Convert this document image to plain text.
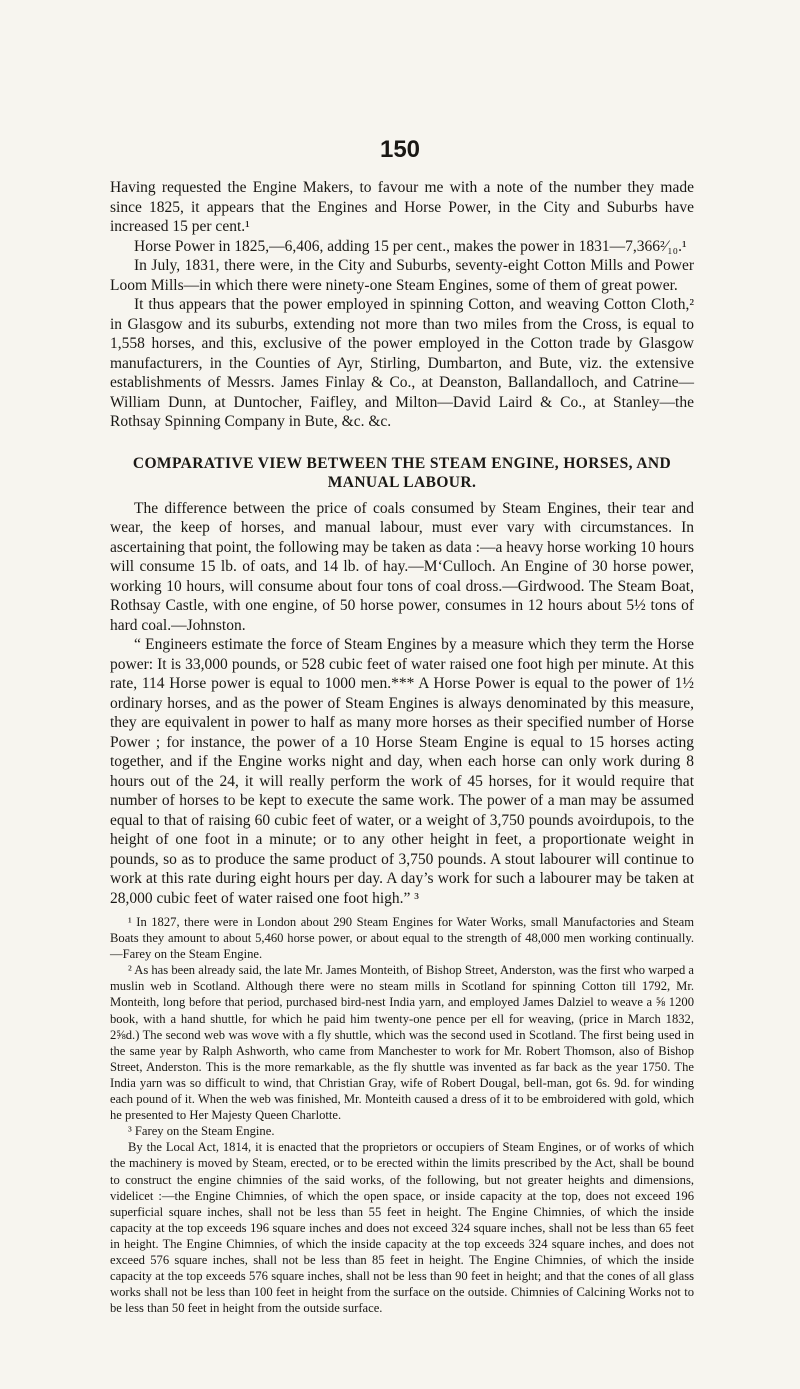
150

Having requested the Engine Makers, to favour me with a note of the number they made since 1825, it appears that the Engines and Horse Power, in the City and Suburbs have increased 15 per cent.¹

Horse Power in 1825,—6,406, adding 15 per cent., makes the power in 1831—7,366²⁄₁₀.¹

In July, 1831, there were, in the City and Suburbs, seventy-eight Cotton Mills and Power Loom Mills—in which there were ninety-one Steam Engines, some of them of great power.

It thus appears that the power employed in spinning Cotton, and weaving Cotton Cloth,² in Glasgow and its suburbs, extending not more than two miles from the Cross, is equal to 1,558 horses, and this, exclusive of the power employed in the Cotton trade by Glasgow manufacturers, in the Counties of Ayr, Stirling, Dumbarton, and Bute, viz. the extensive establishments of Messrs. James Finlay & Co., at Deanston, Ballandalloch, and Catrine—William Dunn, at Duntocher, Faifley, and Milton—David Laird & Co., at Stanley—the Rothsay Spinning Company in Bute, &c. &c.

COMPARATIVE VIEW BETWEEN THE STEAM ENGINE, HORSES, AND MANUAL LABOUR.

The difference between the price of coals consumed by Steam Engines, their tear and wear, the keep of horses, and manual labour, must ever vary with circumstances. In ascertaining that point, the following may be taken as data :—a heavy horse working 10 hours will consume 15 lb. of oats, and 14 lb. of hay.—M‘Culloch. An Engine of 30 horse power, working 10 hours, will consume about four tons of coal dross.—Girdwood. The Steam Boat, Rothsay Castle, with one engine, of 50 horse power, consumes in 12 hours about 5½ tons of hard coal.—Johnston.

“ Engineers estimate the force of Steam Engines by a measure which they term the Horse power: It is 33,000 pounds, or 528 cubic feet of water raised one foot high per minute. At this rate, 114 Horse power is equal to 1000 men.*** A Horse Power is equal to the power of 1½ ordinary horses, and as the power of Steam Engines is always denominated by this measure, they are equivalent in power to half as many more horses as their specified number of Horse Power ; for instance, the power of a 10 Horse Steam Engine is equal to 15 horses acting together, and if the Engine works night and day, when each horse can only work during 8 hours out of the 24, it will really perform the work of 45 horses, for it would require that number of horses to be kept to execute the same work. The power of a man may be assumed equal to that of raising 60 cubic feet of water, or a weight of 3,750 pounds avoirdupois, to the height of one foot in a minute; or to any other height in feet, a proportionate weight in pounds, so as to produce the same product of 3,750 pounds. A stout labourer will continue to work at this rate during eight hours per day. A day’s work for such a labourer may be taken at 28,000 cubic feet of water raised one foot high.” ³

¹ In 1827, there were in London about 290 Steam Engines for Water Works, small Manufactories and Steam Boats they amount to about 5,460 horse power, or about equal to the strength of 48,000 men working continually.—Farey on the Steam Engine.

² As has been already said, the late Mr. James Monteith, of Bishop Street, Anderston, was the first who warped a muslin web in Scotland. Although there were no steam mills in Scotland for spinning Cotton till 1792, Mr. Monteith, long before that period, purchased bird-nest India yarn, and employed James Dalziel to weave a ⅝ 1200 book, with a hand shuttle, for which he paid him twenty-one pence per ell for weaving, (price in March 1832, 2⅝d.) The second web was wove with a fly shuttle, which was the second used in Scotland. The first being used in the same year by Ralph Ashworth, who came from Manchester to work for Mr. Robert Thomson, also of Bishop Street, Anderston. This is the more remarkable, as the fly shuttle was invented as far back as the year 1750. The India yarn was so difficult to wind, that Christian Gray, wife of Robert Dougal, bell-man, got 6s. 9d. for winding each pound of it. When the web was finished, Mr. Monteith caused a dress of it to be embroidered with gold, which he presented to Her Majesty Queen Charlotte.

³ Farey on the Steam Engine.

By the Local Act, 1814, it is enacted that the proprietors or occupiers of Steam Engines, or of works of which the machinery is moved by Steam, erected, or to be erected within the limits prescribed by the Act, shall be bound to construct the engine chimnies of the said works, of the following, but not greater heights and dimensions, videlicet :—the Engine Chimnies, of which the open space, or inside capacity at the top, does not exceed 196 superficial square inches, shall not be less than 55 feet in height. The Engine Chimnies, of which the inside capacity at the top exceeds 196 square inches and does not exceed 324 square inches, shall not be less than 65 feet in height. The Engine Chimnies, of which the inside capacity at the top exceeds 324 square inches, and does not exceed 576 square inches, shall not be less than 85 feet in height. The Engine Chimnies, of which the inside capacity at the top exceeds 576 square inches, shall not be less than 90 feet in height; and that the cones of all glass works shall not be less than 100 feet in height from the surface on the outside. Chimnies of Calcining Works not to be less than 50 feet in height from the outside surface.
